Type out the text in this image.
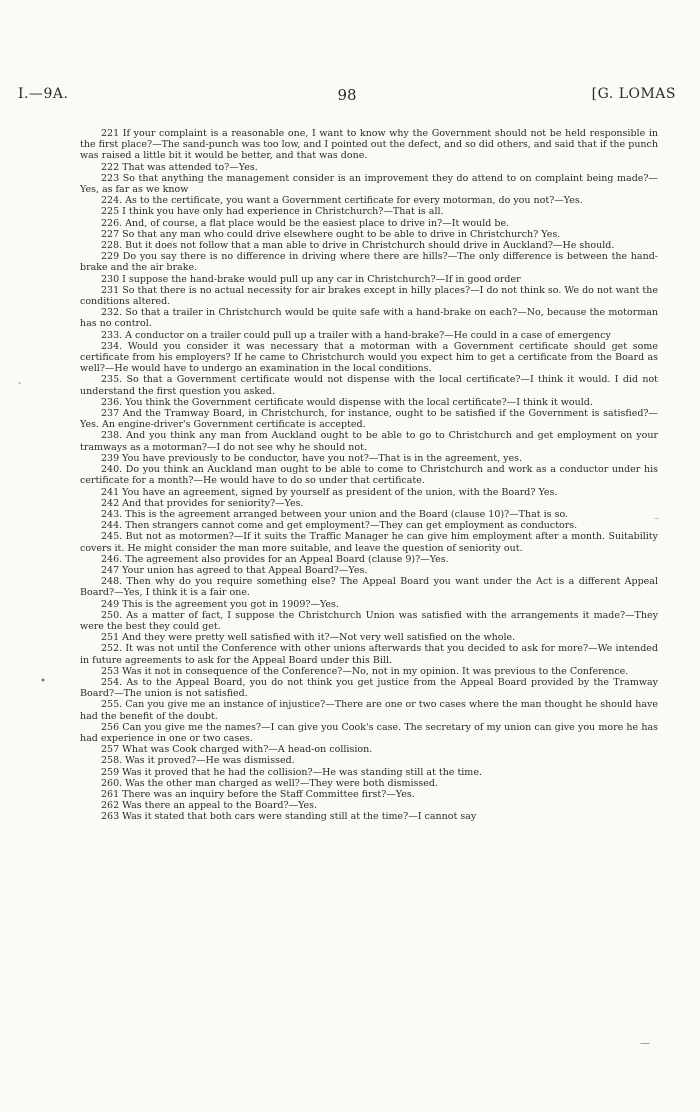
I.—9A.	98	[G. LOMAS

221 If your complaint is a reasonable one, I want to know why the Government should not be held responsible in the first place?—The sand-punch was too low, and I pointed out the defect, and so did others, and said that if the punch was raised a little bit it would be better, and that was done.

222 That was attended to?—Yes.

223 So that anything the management consider is an improvement they do attend to on complaint being made?—Yes, as far as we know

224. As to the certificate, you want a Government certificate for every motorman, do you not?—Yes.

225 I think you have only had experience in Christchurch?—That is all.

226. And, of course, a flat place would be the easiest place to drive in?—It would be.

227 So that any man who could drive elsewhere ought to be able to drive in Christchurch? Yes.

228. But it does not follow that a man able to drive in Christchurch should drive in Auckland?—He should.

229 Do you say there is no difference in driving where there are hills?—The only difference is between the hand-brake and the air brake.

230 I suppose the hand-brake would pull up any car in Christchurch?—If in good order

231 So that there is no actual necessity for air brakes except in hilly places?—I do not think so. We do not want the conditions altered.

232. So that a trailer in Christchurch would be quite safe with a hand-brake on each?—No, because the motorman has no control.

233. A conductor on a trailer could pull up a trailer with a hand-brake?—He could in a case of emergency

234. Would you consider it was necessary that a motorman with a Government certificate should get some certificate from his employers? If he came to Christchurch would you expect him to get a certificate from the Board as well?—He would have to undergo an examination in the local conditions.

235. So that a Government certificate would not dispense with the local certificate?—I think it would. I did not understand the first question you asked.

236. You think the Government certificate would dispense with the local certificate?—I think it would.

237 And the Tramway Board, in Christchurch, for instance, ought to be satisfied if the Government is satisfied?—Yes. An engine-driver's Government certificate is accepted.

238. And you think any man from Auckland ought to be able to go to Christchurch and get employment on your tramways as a motorman?—I do not see why he should not.

239 You have previously to be conductor, have you not?—That is in the agreement, yes.

240. Do you think an Auckland man ought to be able to come to Christchurch and work as a conductor under his certificate for a month?—He would have to do so under that certificate.

241 You have an agreement, signed by yourself as president of the union, with the Board? Yes.

242 And that provides for seniority?—Yes.

243. This is the agreement arranged between your union and the Board (clause 10)?—That is so.

244. Then strangers cannot come and get employment?—They can get employment as conductors.

245. But not as motormen?—If it suits the Traffic Manager he can give him employment after a month. Suitability covers it. He might consider the man more suitable, and leave the question of seniority out.

246. The agreement also provides for an Appeal Board (clause 9)?—Yes.

247 Your union has agreed to that Appeal Board?—Yes.

248. Then why do you require something else? The Appeal Board you want under the Act is a different Appeal Board?—Yes, I think it is a fair one.

249 This is the agreement you got in 1909?—Yes.

250. As a matter of fact, I suppose the Christchurch Union was satisfied with the arrangements it made?—They were the best they could get.

251 And they were pretty well satisfied with it?—Not very well satisfied on the whole.

252. It was not until the Conference with other unions afterwards that you decided to ask for more?—We intended in future agreements to ask for the Appeal Board under this Bill.

253 Was it not in consequence of the Conference?—No, not in my opinion. It was previous to the Conference.

254. As to the Appeal Board, you do not think you get justice from the Appeal Board provided by the Tramway Board?—The union is not satisfied.

255. Can you give me an instance of injustice?—There are one or two cases where the man thought he should have had the benefit of the doubt.

256 Can you give me the names?—I can give you Cook's case. The secretary of my union can give you more he has had experience in one or two cases.

257 What was Cook charged with?—A head-on collision.

258. Was it proved?—He was dismissed.

259 Was it proved that he had the collision?—He was standing still at the time.

260. Was the other man charged as well?—They were both dismissed.

261 There was an inquiry before the Staff Committee first?—Yes.

262 Was there an appeal to the Board?—Yes.

263 Was it stated that both cars were standing still at the time?—I cannot say

-
•
⁻
—
